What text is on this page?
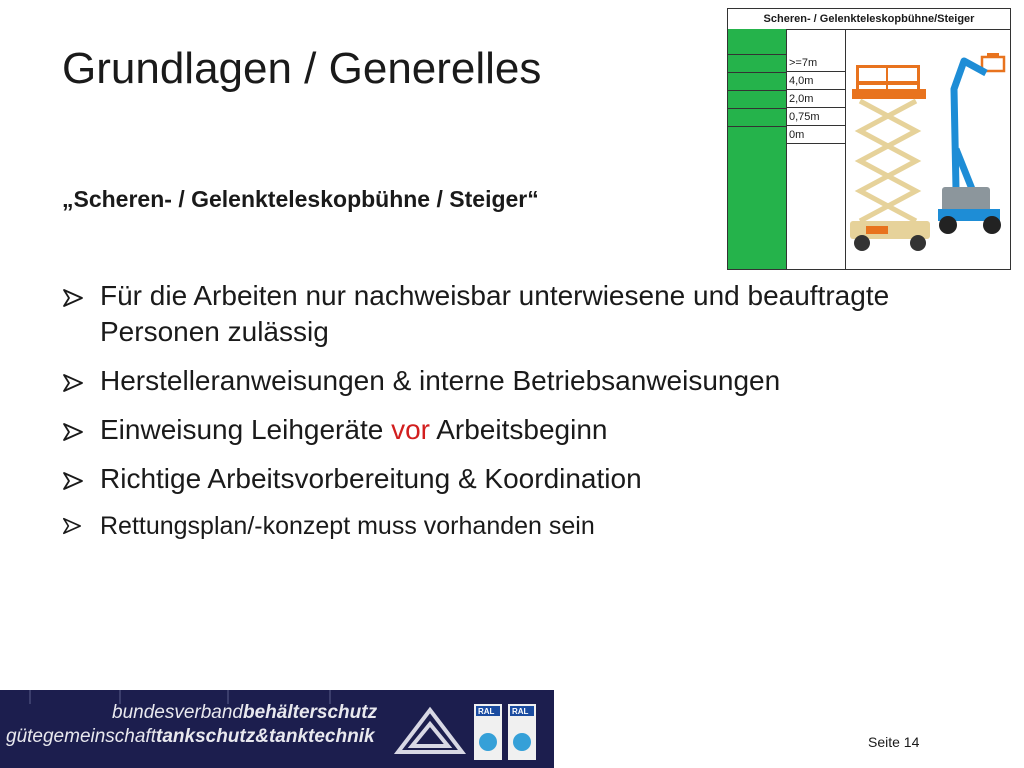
Grundlagen / Generelles
„Scheren- / Gelenkteleskopbühne / Steiger“
Für die Arbeiten nur nachweisbar unterwiesene und beauftragte Personen zulässig
Herstelleranweisungen & interne Betriebsanweisungen
Einweisung Leihgeräte vor Arbeitsbeginn
Richtige Arbeitsvorbereitung & Koordination
Rettungsplan/-konzept muss vorhanden sein
Scheren- / Gelenkteleskopbühne/Steiger
>=7m
4,0m
2,0m
0,75m
0m
RAL RAL
bundesverbandbehälterschutz
gütegemeinschafttankschutz&tanktechnik	Seite 14
